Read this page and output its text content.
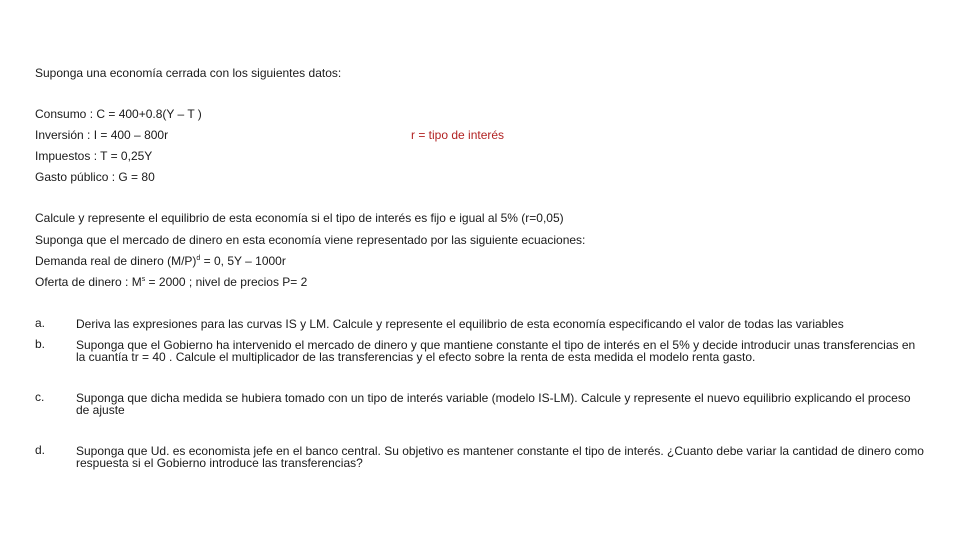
Suponga una economía cerrada con los siguientes datos:
Consumo : C = 400+0.8(Y – T )
Inversión : I = 400 – 800r	r = tipo de interés
Impuestos : T = 0,25Y
Gasto público : G = 80
Calcule y represente el equilibrio de esta economía si el tipo de interés es fijo e igual al 5% (r=0,05)
Suponga que el mercado de dinero en esta economía viene representado por las siguiente ecuaciones:
Demanda real de dinero $(M/P)^d = 0$, 5Y – 1000r
Oferta de dinero : $M^s = 2000$ ; nivel de precios P= 2
a.	Deriva las expresiones para las curvas IS y LM. Calcule y represente el equilibrio de esta economía especificando el valor de todas las variables
b.	Suponga que el Gobierno ha intervenido el mercado de dinero y que mantiene constante el tipo de interés en el 5% y decide introducir unas transferencias en la cuantía tr = 40 . Calcule el multiplicador de las transferencias y el efecto sobre la renta de esta medida el modelo renta gasto.
c.	Suponga que dicha medida se hubiera tomado con un tipo de interés variable (modelo IS-LM). Calcule y represente el nuevo equilibrio explicando el proceso de ajuste
d.	Suponga que Ud. es economista jefe en el banco central. Su objetivo es mantener constante el tipo de interés. ¿Cuanto debe variar la cantidad de dinero como respuesta si el Gobierno introduce las transferencias?
